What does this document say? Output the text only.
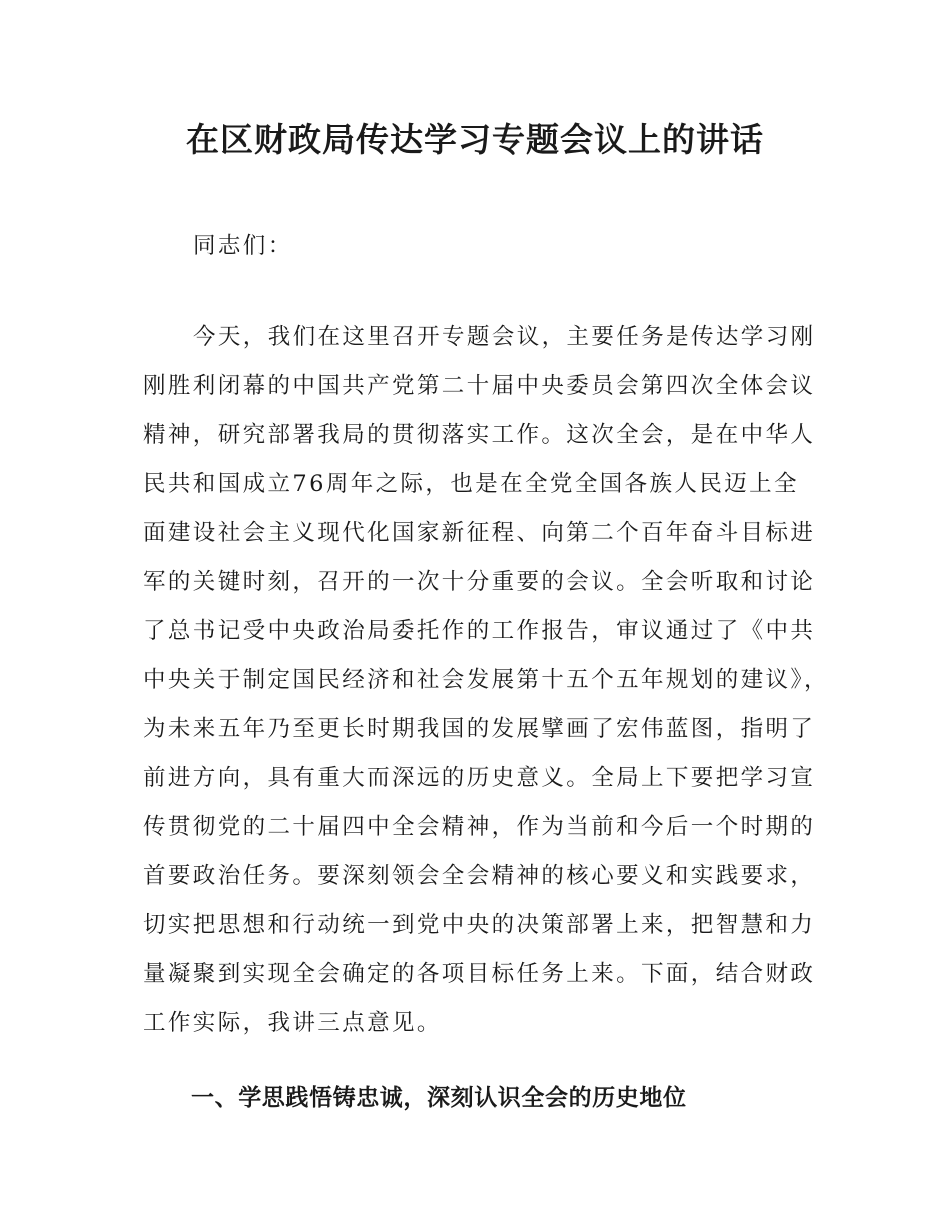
在区财政局传达学习专题会议上的讲话

同志们：

今天，我们在这里召开专题会议，主要任务是传达学习刚
刚胜利闭幕的中国共产党第二十届中央委员会第四次全体会议
精神，研究部署我局的贯彻落实工作。这次全会，是在中华人
民共和国成立76周年之际，也是在全党全国各族人民迈上全
面建设社会主义现代化国家新征程、向第二个百年奋斗目标进
军的关键时刻，召开的一次十分重要的会议。全会听取和讨论
了总书记受中央政治局委托作的工作报告，审议通过了《中共
中央关于制定国民经济和社会发展第十五个五年规划的建议》，
为未来五年乃至更长时期我国的发展擘画了宏伟蓝图，指明了
前进方向，具有重大而深远的历史意义。全局上下要把学习宣
传贯彻党的二十届四中全会精神，作为当前和今后一个时期的
首要政治任务。要深刻领会全会精神的核心要义和实践要求，
切实把思想和行动统一到党中央的决策部署上来，把智慧和力
量凝聚到实现全会确定的各项目标任务上来。下面，结合财政
工作实际，我讲三点意见。
一、学思践悟铸忠诚，深刻认识全会的历史地位
